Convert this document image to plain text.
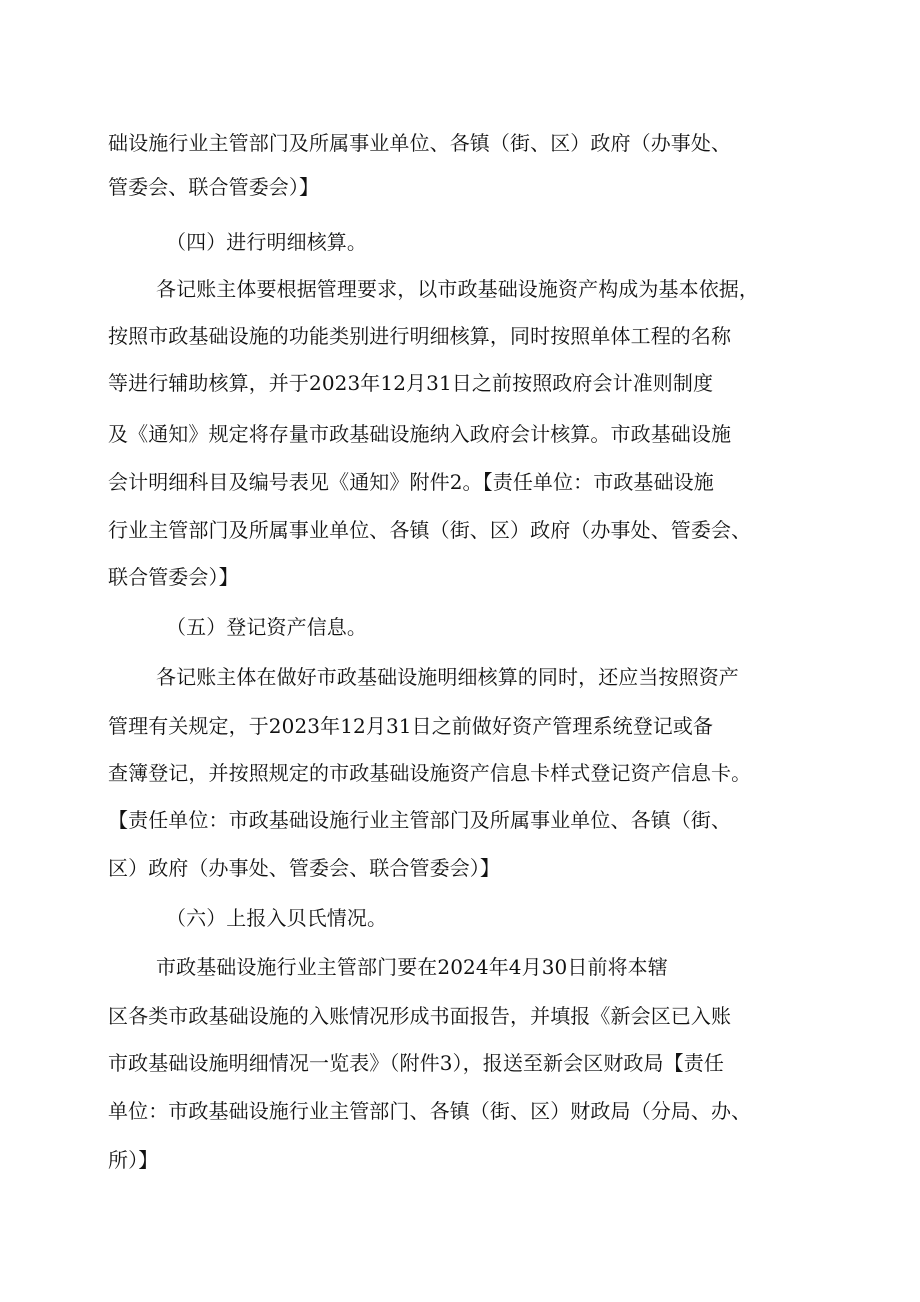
础设施行业主管部门及所属事业单位、各镇（街、区）政府（办事处、
管委会、联合管委会）】
（四）进行明细核算。
各记账主体要根据管理要求，以市政基础设施资产构成为基本依据，
按照市政基础设施的功能类别进行明细核算，同时按照单体工程的名称
等进行辅助核算，并于2023年12月31日之前按照政府会计准则制度
及《通知》规定将存量市政基础设施纳入政府会计核算。市政基础设施
会计明细科目及编号表见《通知》附件2。【责任单位：市政基础设施
行业主管部门及所属事业单位、各镇（街、区）政府（办事处、管委会、
联合管委会）】
（五）登记资产信息。
各记账主体在做好市政基础设施明细核算的同时，还应当按照资产
管理有关规定，于2023年12月31日之前做好资产管理系统登记或备
查簿登记，并按照规定的市政基础设施资产信息卡样式登记资产信息卡。
【责任单位：市政基础设施行业主管部门及所属事业单位、各镇（街、
区）政府（办事处、管委会、联合管委会）】
（六）上报入贝氏情况。
市政基础设施行业主管部门要在2024年4月30日前将本辖
区各类市政基础设施的入账情况形成书面报告，并填报《新会区已入账
市政基础设施明细情况一览表》（附件3），报送至新会区财政局【责任
单位：市政基础设施行业主管部门、各镇（街、区）财政局（分局、办、
所）】
